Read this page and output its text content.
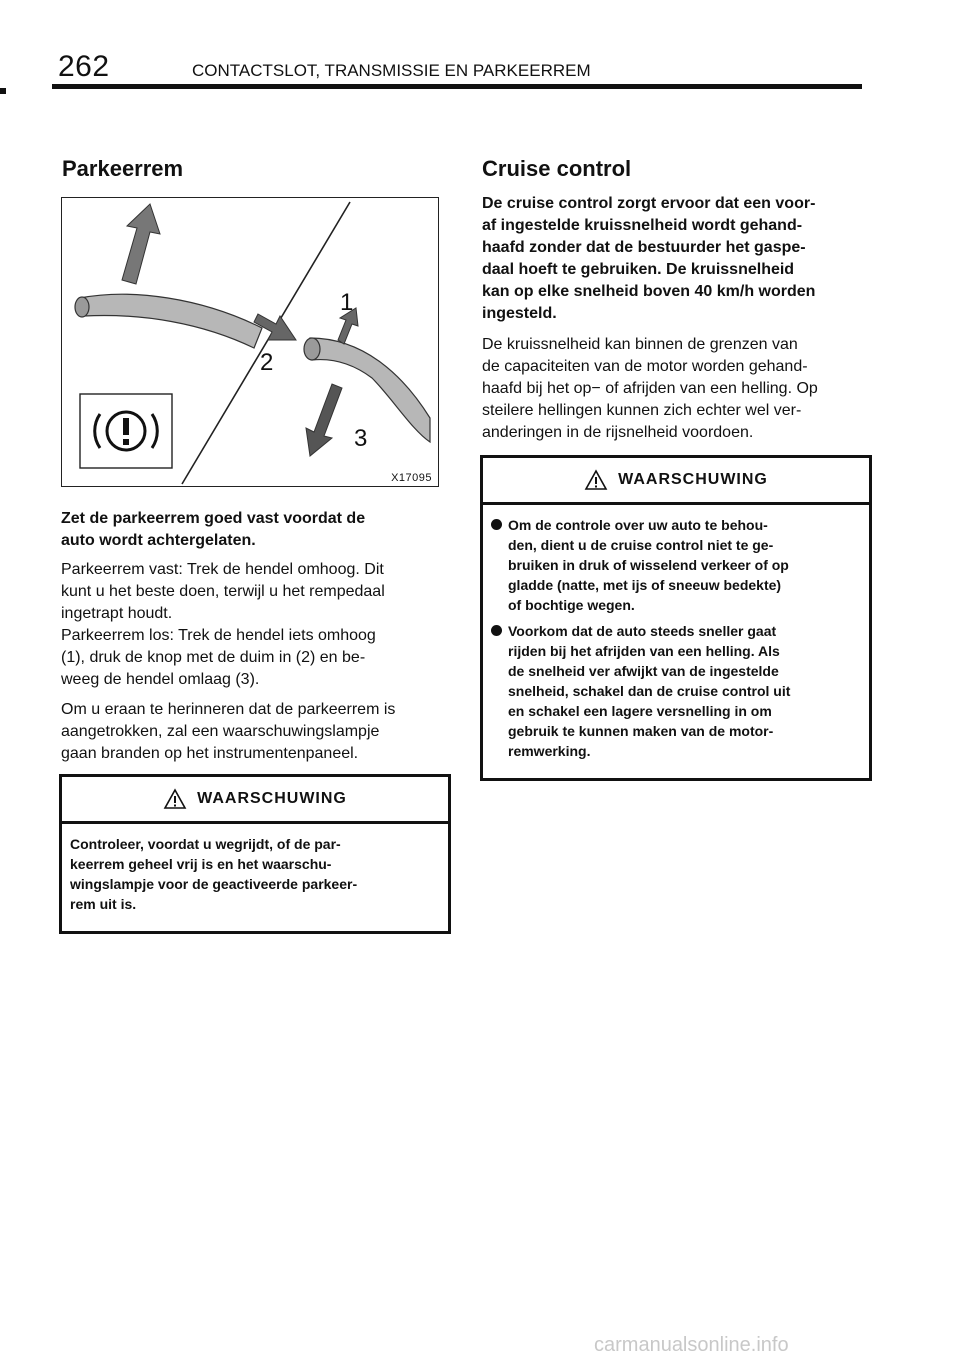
262	CONTACTSLOT, TRANSMISSIE EN PARKEERREM
Parkeerrem
1
2
3
X17095
Zet de parkeerrem goed vast voordat de
auto wordt achtergelaten.
Parkeerrem vast: Trek de hendel omhoog. Dit
kunt u het beste doen, terwijl u het rempedaal
ingetrapt houdt.
Parkeerrem los: Trek de hendel iets omhoog
(1), druk de knop met de duim in (2) en be-
weeg de hendel omlaag (3).
Om u eraan te herinneren dat de parkeerrem is
aangetrokken, zal een waarschuwingslampje
gaan branden op het instrumentenpaneel.
WAARSCHUWING
Controleer, voordat u wegrijdt, of de par-
keerrem geheel vrij is en het waarschu-
wingslampje voor de geactiveerde parkeer-
rem uit is.
Cruise control
De cruise control zorgt ervoor dat een voor-
af ingestelde kruissnelheid wordt gehand-
haafd zonder dat de bestuurder het gaspe-
daal hoeft te gebruiken. De kruissnelheid
kan op elke snelheid boven 40 km/h worden
ingesteld.
De kruissnelheid kan binnen de grenzen van
de capaciteiten van de motor worden gehand-
haafd bij het op− of afrijden van een helling. Op
steilere hellingen kunnen zich echter wel ver-
anderingen in de rijsnelheid voordoen.
WAARSCHUWING
Om de controle over uw auto te behou-
den, dient u de cruise control niet te ge-
bruiken in druk of wisselend verkeer of op
gladde (natte, met ijs of sneeuw bedekte)
of bochtige wegen.
Voorkom dat de auto steeds sneller gaat
rijden bij het afrijden van een helling. Als
de snelheid ver afwijkt van de ingestelde
snelheid, schakel dan de cruise control uit
en schakel een lagere versnelling in om
gebruik te kunnen maken van de motor-
remwerking.
carmanualsonline.info
